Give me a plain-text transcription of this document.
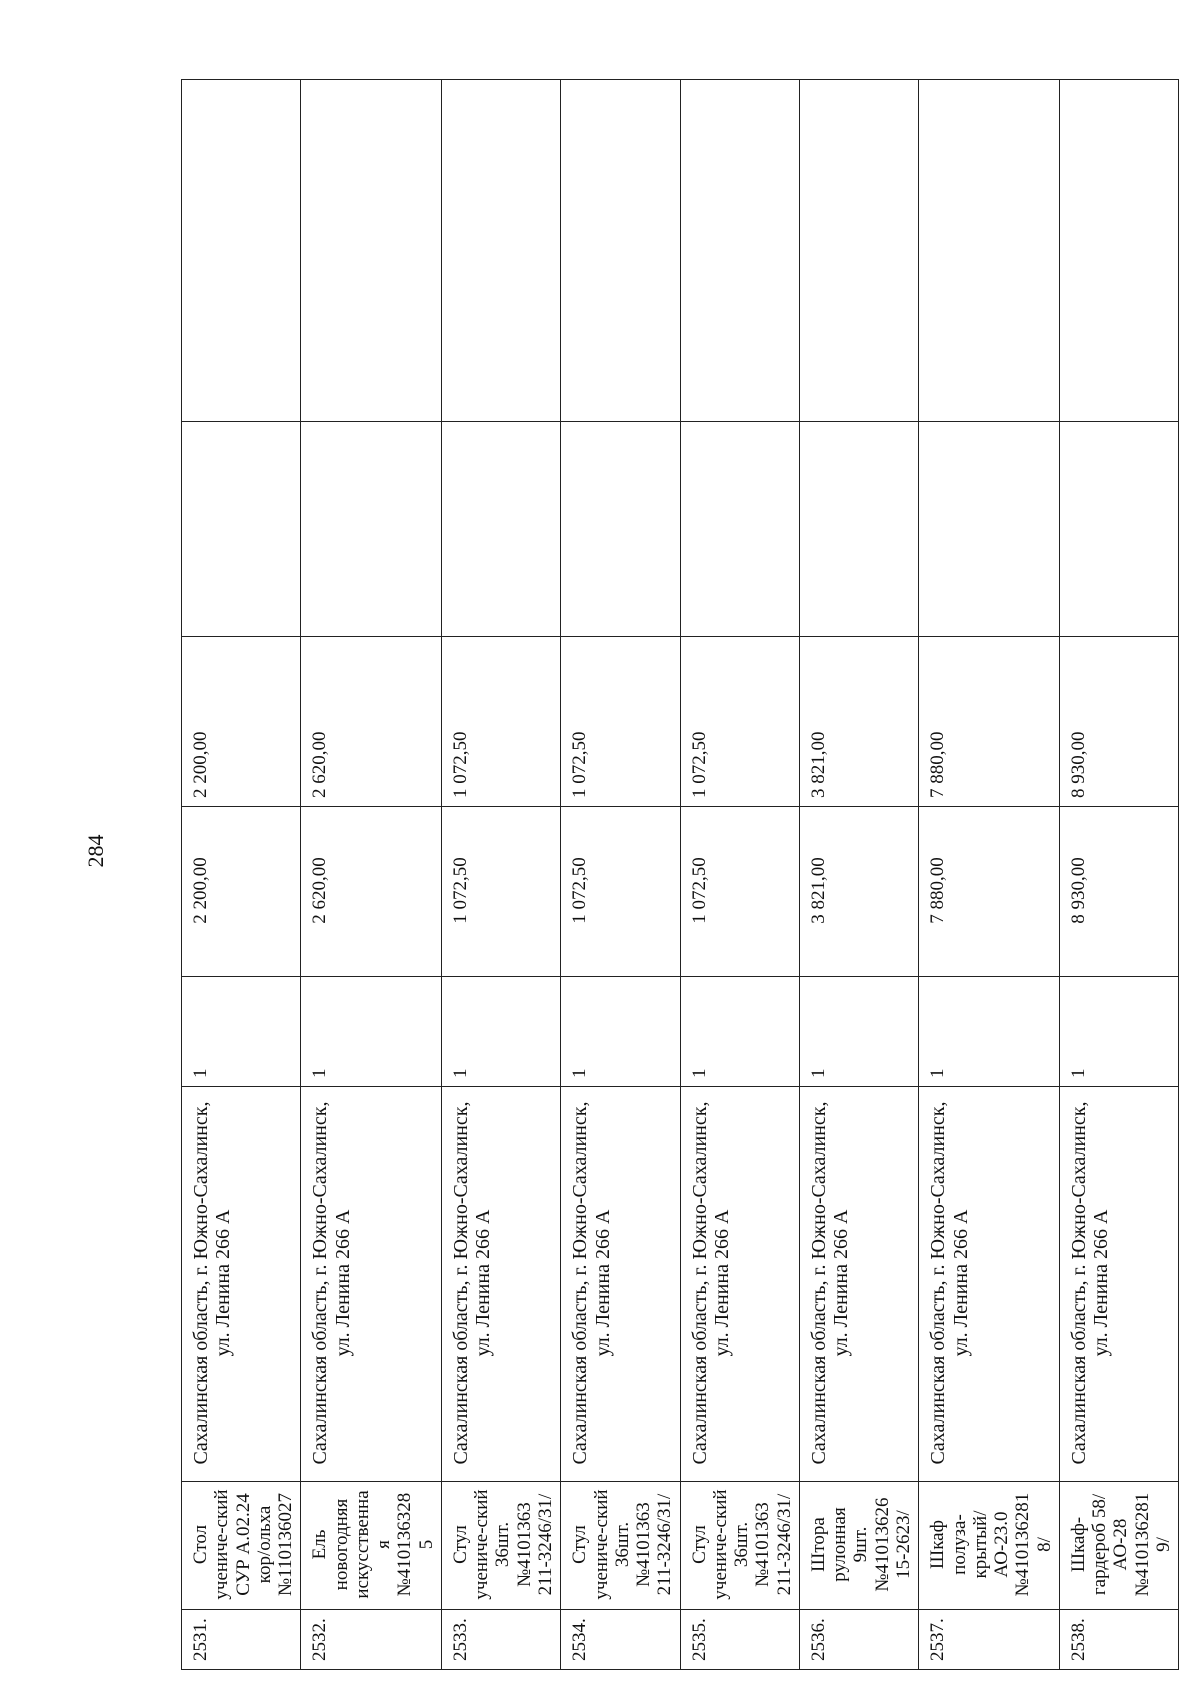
284
2531.	Стол учениче-ский СУР А.02.24 кор/ольха №110136027	Сахалинская область, г. Южно-Сахалинск, ул. Ленина 266 А	1	2 200,00	2 200,00		
2532.	Ель новогодняя искусственная №4101363285	Сахалинская область, г. Южно-Сахалинск, ул. Ленина 266 А	1	2 620,00	2 620,00		
2533.	Стул учениче-ский 36шт.№4101363 211-3246/31/	Сахалинская область, г. Южно-Сахалинск, ул. Ленина 266 А	1	1 072,50	1 072,50		
2534.	Стул учениче-ский 36шт.№4101363 211-3246/31/	Сахалинская область, г. Южно-Сахалинск, ул. Ленина 266 А	1	1 072,50	1 072,50		
2535.	Стул учениче-ский 36шт.№4101363 211-3246/31/	Сахалинская область, г. Южно-Сахалинск, ул. Ленина 266 А	1	1 072,50	1 072,50		
2536.	Штора рулонная 9шт.№41013626 15-2623/	Сахалинская область, г. Южно-Сахалинск, ул. Ленина 266 А	1	3 821,00	3 821,00		
2537.	Шкаф полуза-крытый/АО-23.0 №410136281​8/	Сахалинская область, г. Южно-Сахалинск, ул. Ленина 266 А	1	7 880,00	7 880,00		
2538.	Шкаф-гардероб 58/АО-28 №410136281​9/	Сахалинская область, г. Южно-Сахалинск, ул. Ленина 266 А	1	8 930,00	8 930,00		
